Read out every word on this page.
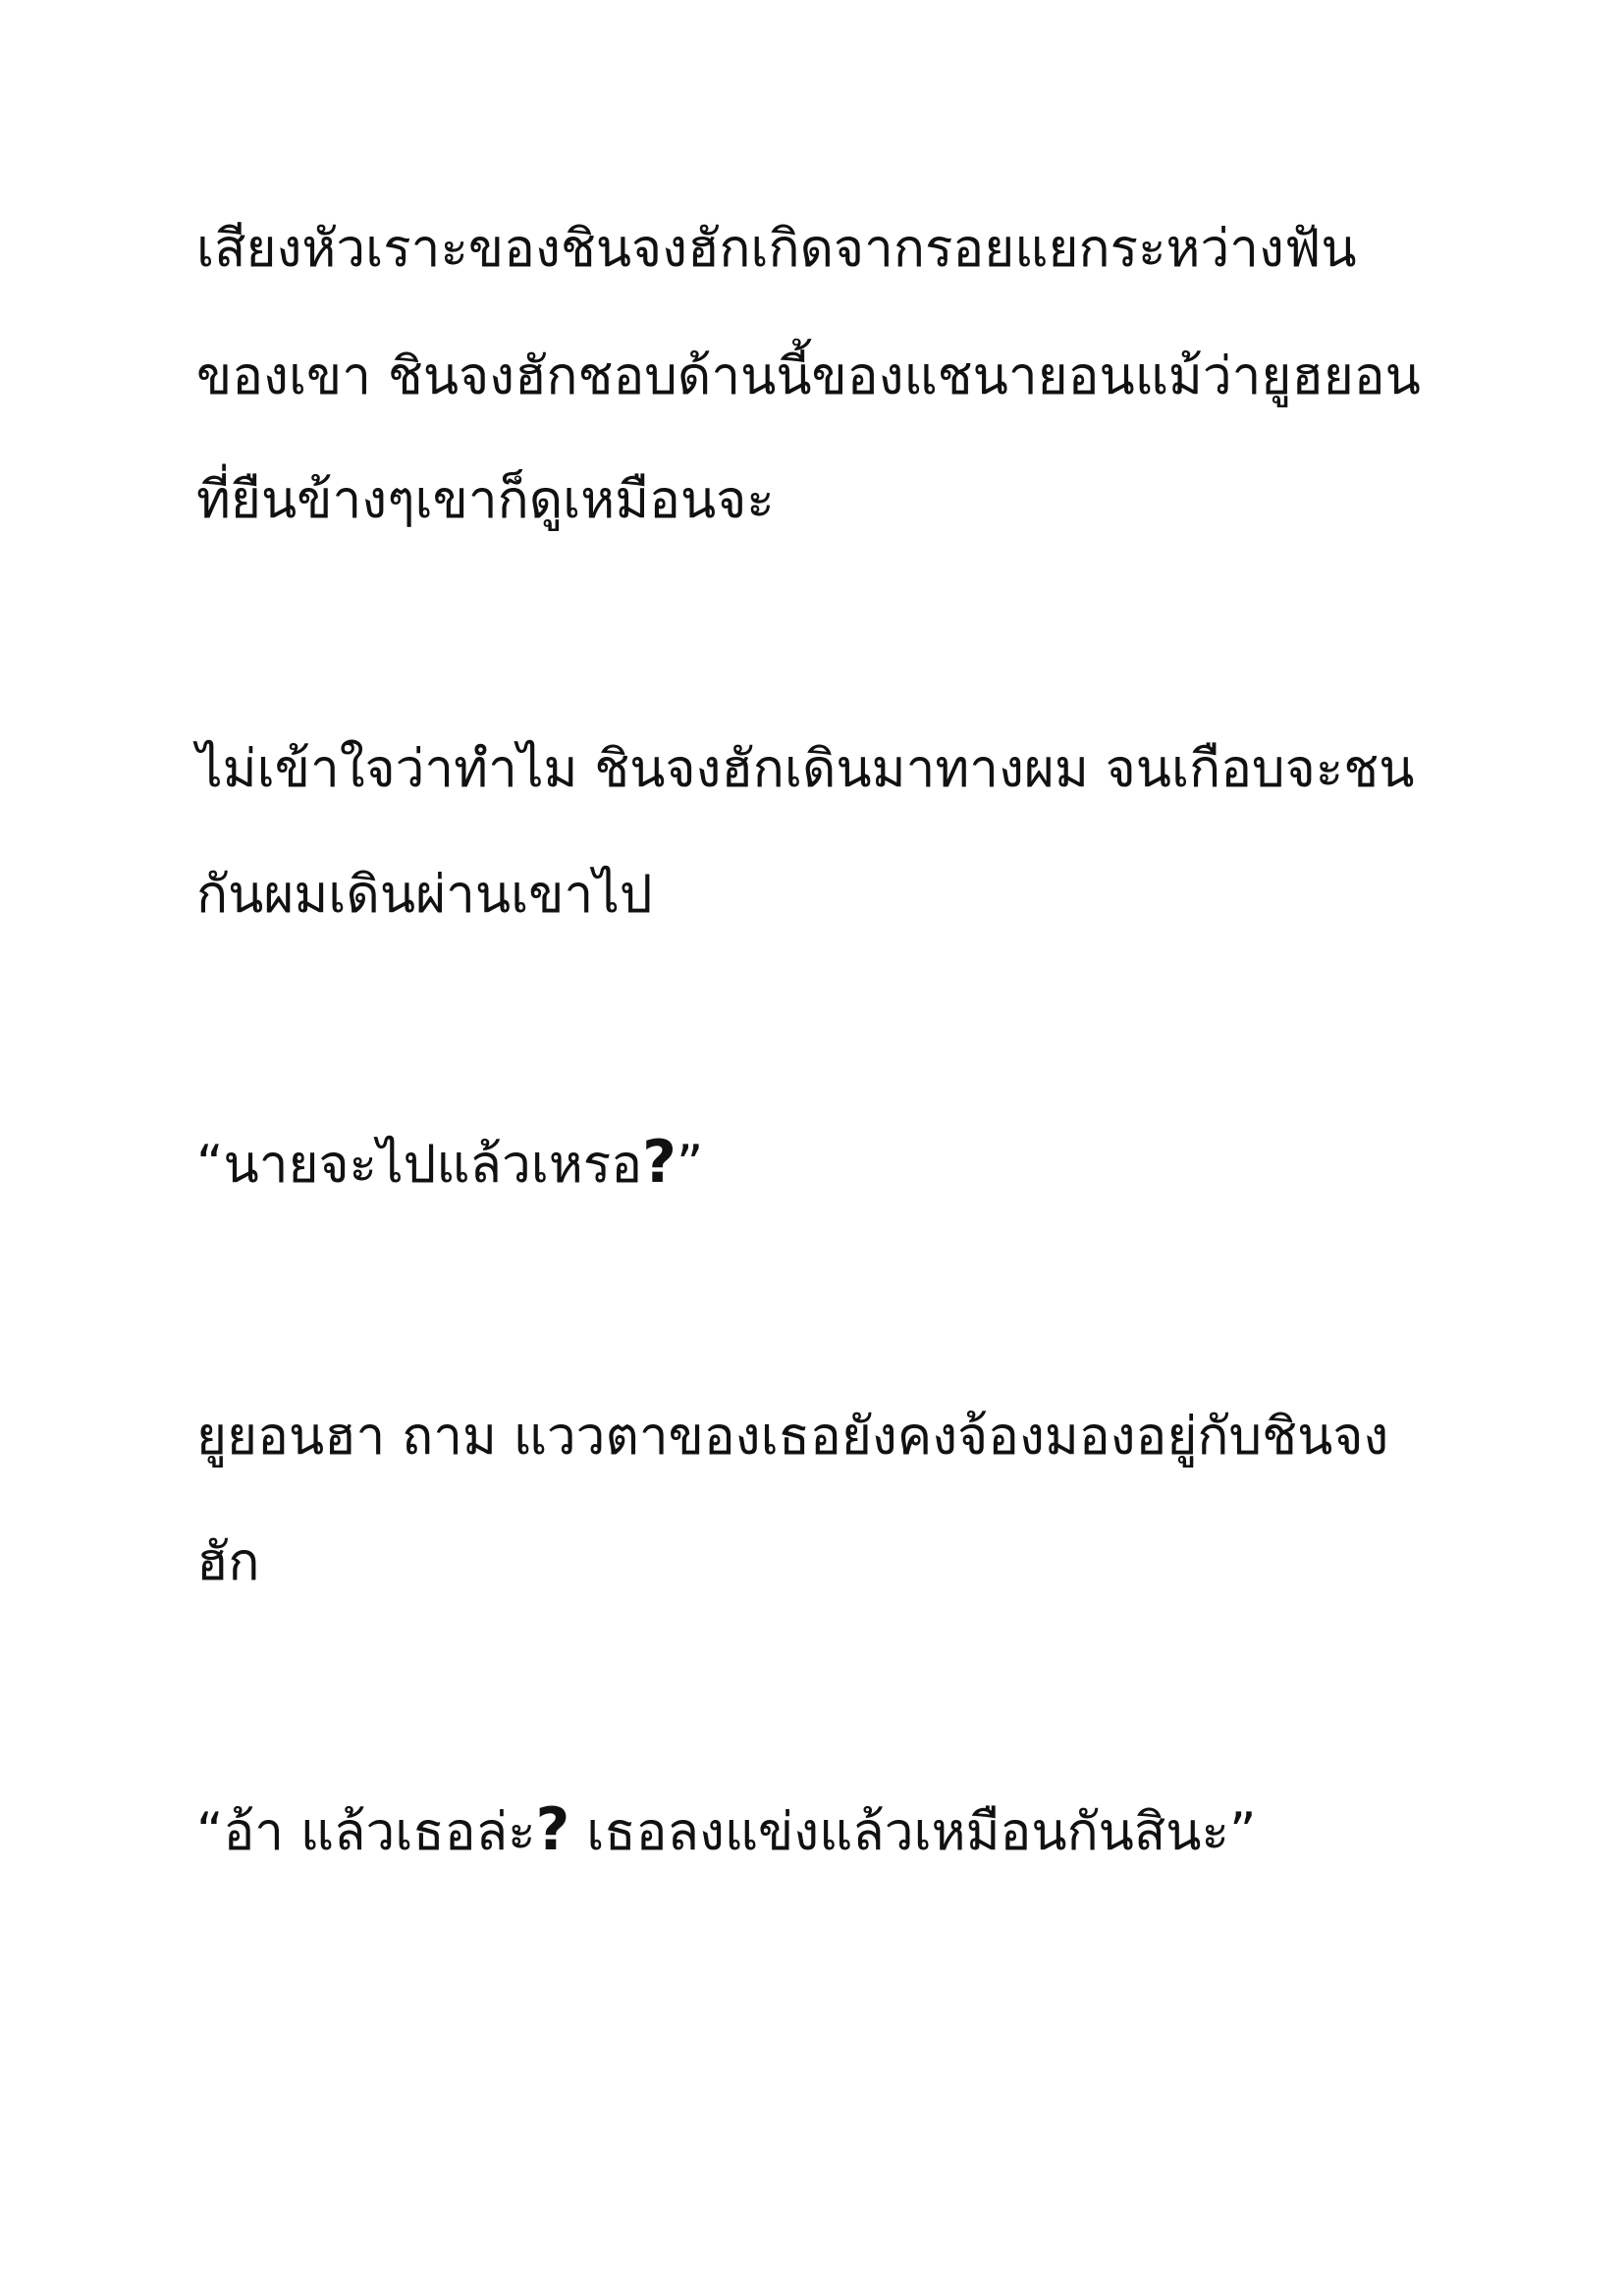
เสียงหัวเราะของชินจงฮักเกิดจากรอยแยกระหว่างฟัน
ของเขา ชินจงฮักชอบด้านนี้ของแชนายอนแม้ว่ายูฮยอน
ที่ยืนข้างๆเขาก็ดูเหมือนจะ
ไม่เข้าใจว่าทำไม ชินจงฮักเดินมาทางผม จนเกือบจะชน
กันผมเดินผ่านเขาไป
“นายจะไปแล้วเหรอ?”
ยูยอนฮา ถาม แววตาของเธอยังคงจ้องมองอยู่กับชินจง
ฮัก
“อ้า แล้วเธอล่ะ? เธอลงแข่งแล้วเหมือนกันสินะ”
